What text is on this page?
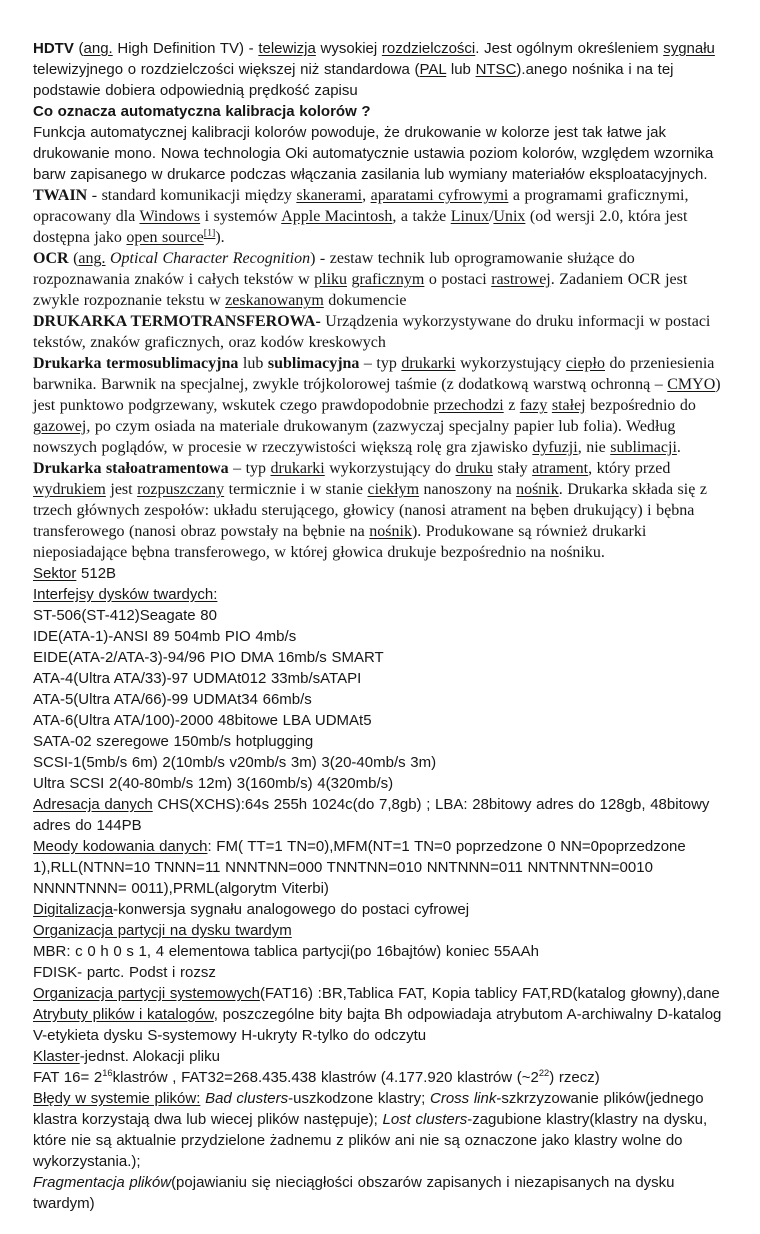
HDTV (ang. High Definition TV) - telewizja wysokiej rozdzielczości. Jest ogólnym określeniem sygnału telewizyjnego o rozdzielczości większej niż standardowa (PAL lub NTSC).anego nośnika i na tej podstawie dobiera odpowiednią prędkość zapisu

Co oznacza automatyczna kalibracja kolorów ?

Funkcja automatycznej kalibracji kolorów powoduje, że drukowanie w kolorze jest tak łatwe jak drukowanie mono. Nowa technologia Oki automatycznie ustawia poziom kolorów, względem wzornika barw zapisanego w drukarce podczas włączania zasilania lub wymiany materiałów eksploatacyjnych.

TWAIN - standard komunikacji między skanerami, aparatami cyfrowymi a programami graficznymi, opracowany dla Windows i systemów Apple Macintosh, a także Linux/Unix (od wersji 2.0, która jest dostępna jako open source[1]).

OCR (ang. Optical Character Recognition) - zestaw technik lub oprogramowanie służące do rozpoznawania znaków i całych tekstów w pliku graficznym o postaci rastrowej. Zadaniem OCR jest zwykle rozpoznanie tekstu w zeskanowanym dokumencie

DRUKARKA TERMOTRANSFEROWA- Urządzenia wykorzystywane do druku informacji w postaci tekstów, znaków graficznych, oraz kodów kreskowych

Drukarka termosublimacyjna lub sublimacyjna – typ drukarki wykorzystujący ciepło do przeniesienia barwnika. Barwnik na specjalnej, zwykle trójkolorowej taśmie (z dodatkową warstwą ochronną – CMYO) jest punktowo podgrzewany, wskutek czego prawdopodobnie przechodzi z fazy stałej bezpośrednio do gazowej, po czym osiada na materiale drukowanym (zazwyczaj specjalny papier lub folia). Według nowszych poglądów, w procesie w rzeczywistości większą rolę gra zjawisko dyfuzji, nie sublimacji.

Drukarka stałoatramentowa – typ drukarki wykorzystujący do druku stały atrament, który przed wydrukiem jest rozpuszczany termicznie i w stanie ciekłym nanoszony na nośnik. Drukarka składa się z trzech głównych zespołów: układu sterującego, głowicy (nanosi atrament na bęben drukujący) i bębna transferowego (nanosi obraz powstały na bębnie na nośnik). Produkowane są również drukarki nieposiadające bębna transferowego, w której głowica drukuje bezpośrednio na nośniku.

Sektor 512B

Interfejsy dysków twardych:

ST-506(ST-412)Seagate 80

IDE(ATA-1)-ANSI 89 504mb PIO 4mb/s

EIDE(ATA-2/ATA-3)-94/96 PIO DMA 16mb/s SMART

ATA-4(Ultra ATA/33)-97 UDMAt012 33mb/sATAPI

ATA-5(Ultra ATA/66)-99 UDMAt34 66mb/s

ATA-6(Ultra ATA/100)-2000 48bitowe LBA UDMAt5

SATA-02 szeregowe 150mb/s hotplugging

SCSI-1(5mb/s 6m) 2(10mb/s v20mb/s 3m) 3(20-40mb/s 3m)

Ultra SCSI 2(40-80mb/s 12m) 3(160mb/s) 4(320mb/s)

Adresacja danych CHS(XCHS):64s 255h 1024c(do 7,8gb) ; LBA: 28bitowy adres do 128gb, 48bitowy adres do 144PB

Meody kodowania danych: FM( TT=1 TN=0),MFM(NT=1 TN=0 poprzedzone 0 NN=0poprzedzone 1),RLL(NTNN=10 TNNN=11 NNNTNN=000 TNNTNN=010 NNTNNN=011 NNTNNTNN=0010 NNNNTNNN= 0011),PRML(algorytm Viterbi)

Digitalizacja-konwersja sygnału analogowego do postaci cyfrowej

Organizacja partycji na dysku twardym

MBR: c 0 h 0 s 1, 4 elementowa tablica partycji(po 16bajtów) koniec 55AAh

FDISK- partc. Podst i rozsz

Organizacja partycji systemowych(FAT16) :BR,Tablica FAT, Kopia tablicy FAT,RD(katalog głowny),dane

Atrybuty plików i katalogów, poszczególne bity bajta Bh odpowiadaja atrybutom A-archiwalny D-katalog V-etykieta dysku S-systemowy H-ukryty R-tylko do odczytu

Klaster-jednst. Alokacji pliku

FAT $16= 2^{16}klastrów$ , FAT32=268.435.438 klastrów (4.177.920 klastrów $(\sim 2^{22})$ rzecz)

Błędy w systemie plików: Bad clusters-uszkodzone klastry; Cross link-szkrzyzowanie plików(jednego klastra korzystają dwa lub wiecej plików następuje); Lost clusters-zagubione klastry(klastry na dysku, które nie są aktualnie przydzielone żadnemu z plików ani nie są oznaczone jako klastry wolne do wykorzystania.);

Fragmentacja plików(pojawianiu się nieciągłości obszarów zapisanych i niezapisanych na dysku twardym)
